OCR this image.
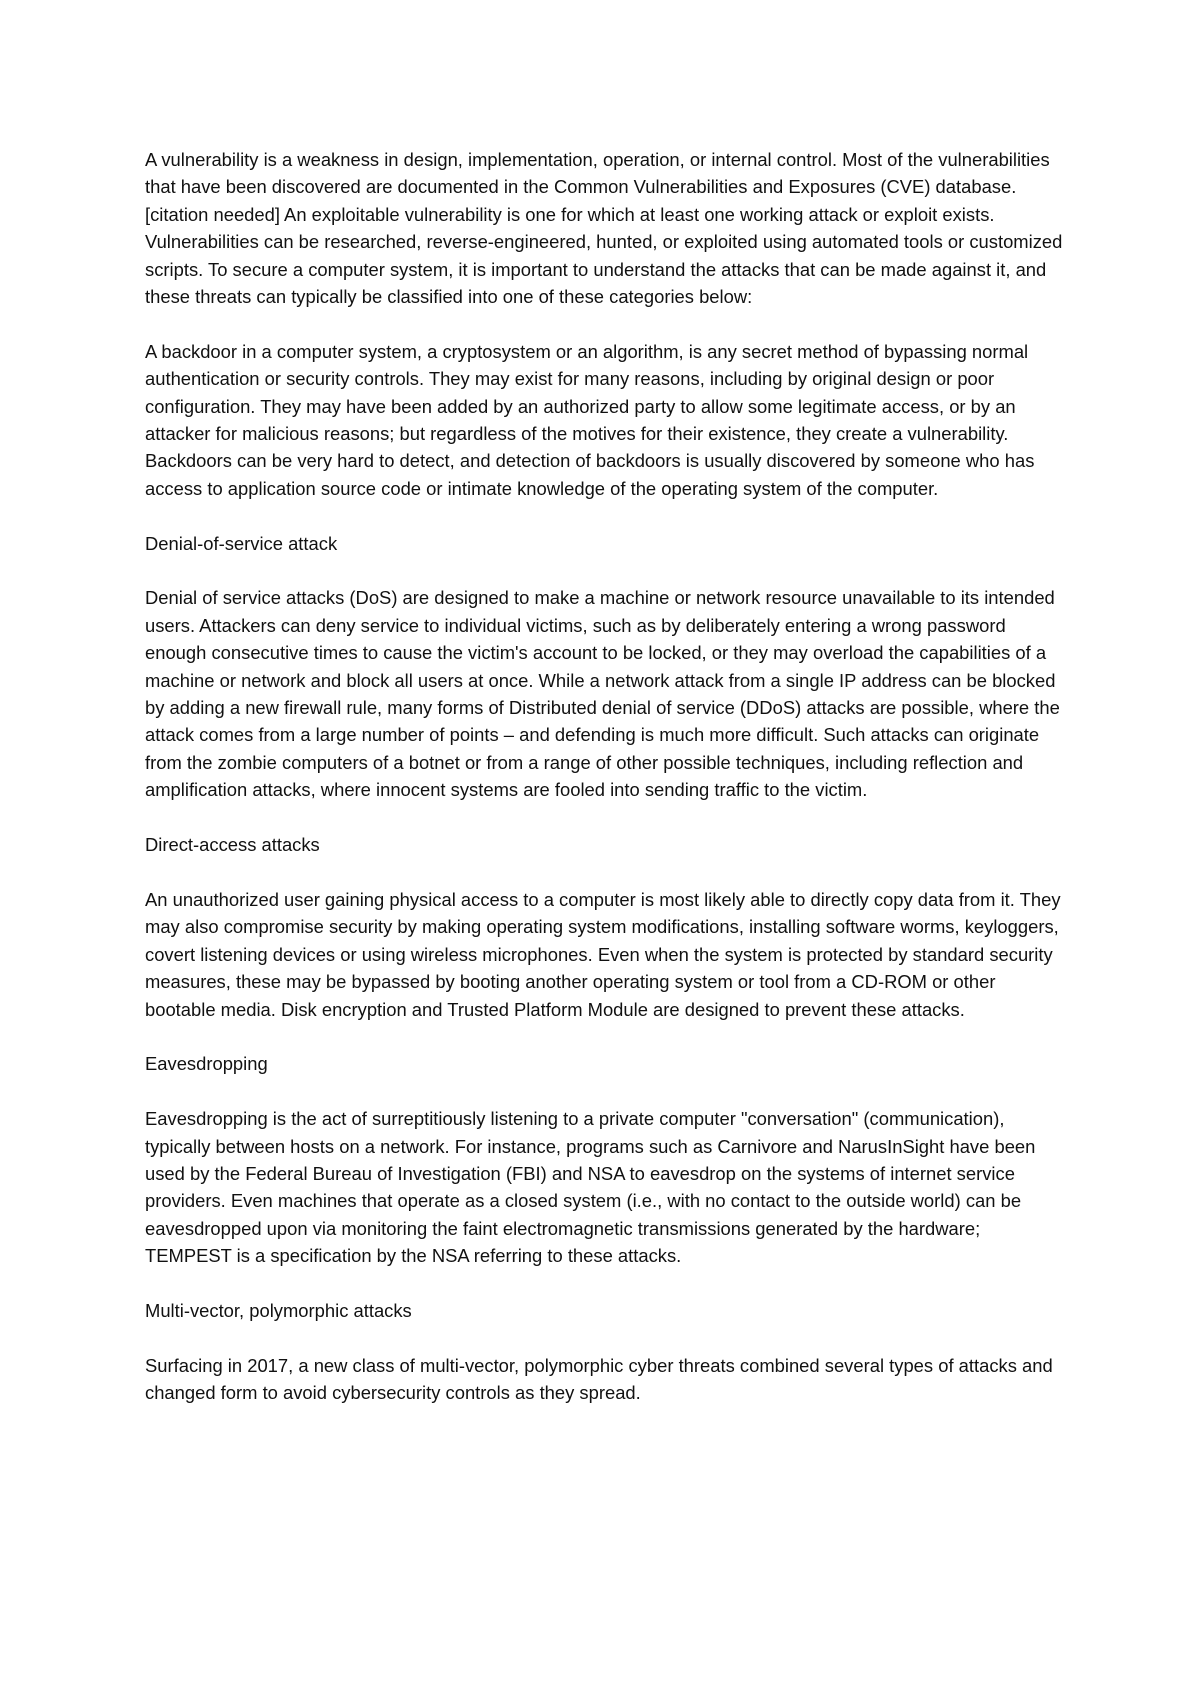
A vulnerability is a weakness in design, implementation, operation, or internal control. Most of the vulnerabilities that have been discovered are documented in the Common Vulnerabilities and Exposures (CVE) database.[citation needed] An exploitable vulnerability is one for which at least one working attack or exploit exists. Vulnerabilities can be researched, reverse-engineered, hunted, or exploited using automated tools or customized scripts. To secure a computer system, it is important to understand the attacks that can be made against it, and these threats can typically be classified into one of these categories below:

A backdoor in a computer system, a cryptosystem or an algorithm, is any secret method of bypassing normal authentication or security controls. They may exist for many reasons, including by original design or poor configuration. They may have been added by an authorized party to allow some legitimate access, or by an attacker for malicious reasons; but regardless of the motives for their existence, they create a vulnerability. Backdoors can be very hard to detect, and detection of backdoors is usually discovered by someone who has access to application source code or intimate knowledge of the operating system of the computer.

Denial-of-service attack

Denial of service attacks (DoS) are designed to make a machine or network resource unavailable to its intended users. Attackers can deny service to individual victims, such as by deliberately entering a wrong password enough consecutive times to cause the victim's account to be locked, or they may overload the capabilities of a machine or network and block all users at once. While a network attack from a single IP address can be blocked by adding a new firewall rule, many forms of Distributed denial of service (DDoS) attacks are possible, where the attack comes from a large number of points – and defending is much more difficult. Such attacks can originate from the zombie computers of a botnet or from a range of other possible techniques, including reflection and amplification attacks, where innocent systems are fooled into sending traffic to the victim.

Direct-access attacks

An unauthorized user gaining physical access to a computer is most likely able to directly copy data from it. They may also compromise security by making operating system modifications, installing software worms, keyloggers, covert listening devices or using wireless microphones. Even when the system is protected by standard security measures, these may be bypassed by booting another operating system or tool from a CD-ROM or other bootable media. Disk encryption and Trusted Platform Module are designed to prevent these attacks.

Eavesdropping

Eavesdropping is the act of surreptitiously listening to a private computer "conversation" (communication), typically between hosts on a network. For instance, programs such as Carnivore and NarusInSight have been used by the Federal Bureau of Investigation (FBI) and NSA to eavesdrop on the systems of internet service providers. Even machines that operate as a closed system (i.e., with no contact to the outside world) can be eavesdropped upon via monitoring the faint electromagnetic transmissions generated by the hardware; TEMPEST is a specification by the NSA referring to these attacks.

Multi-vector, polymorphic attacks

Surfacing in 2017, a new class of multi-vector, polymorphic cyber threats combined several types of attacks and changed form to avoid cybersecurity controls as they spread.
